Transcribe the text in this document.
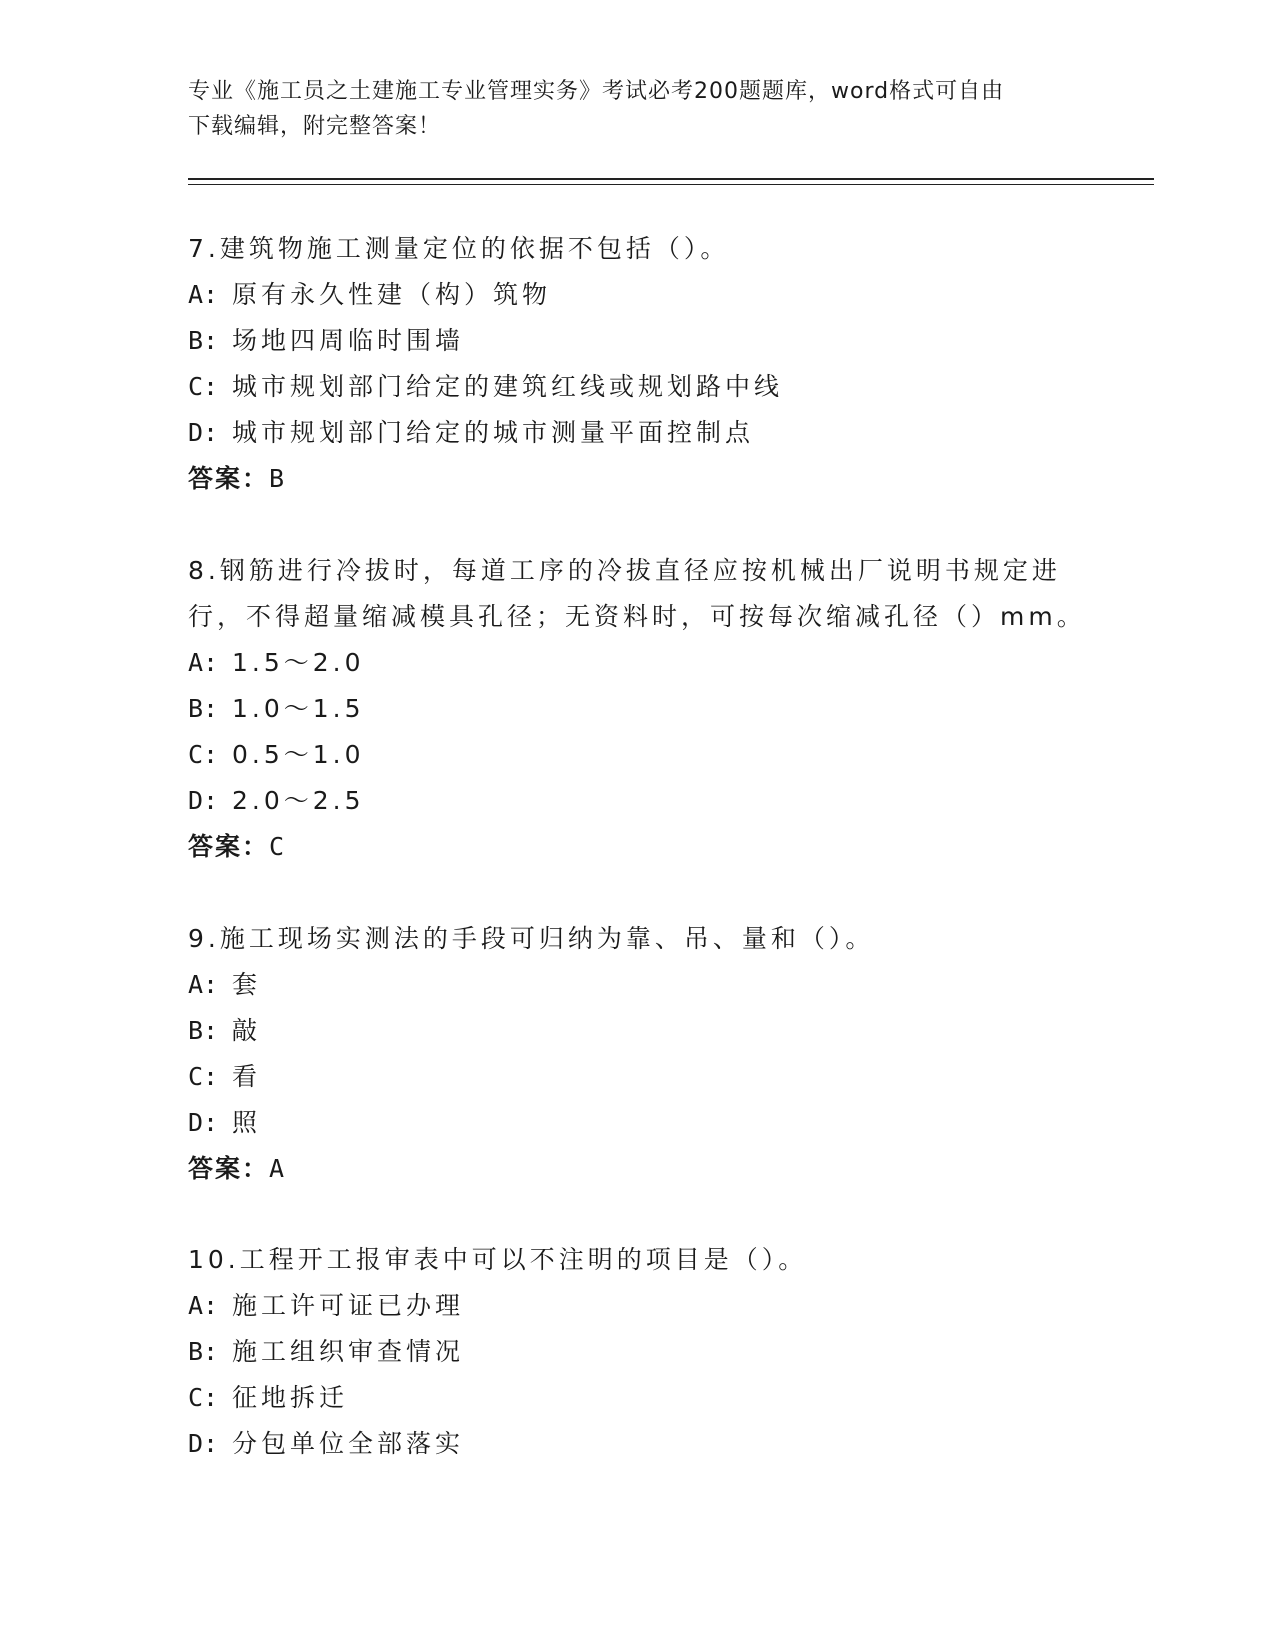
专业《施工员之土建施工专业管理实务》考试必考200题题库，word格式可自由
下载编辑，附完整答案！

7.建筑物施工测量定位的依据不包括（）。

A: 原有永久性建（构）筑物

B: 场地四周临时围墙

C: 城市规划部门给定的建筑红线或规划路中线

D: 城市规划部门给定的城市测量平面控制点

答案：B

8.钢筋进行冷拔时，每道工序的冷拔直径应按机械出厂说明书规定进

行，不得超量缩减模具孔径；无资料时，可按每次缩减孔径（）mm。

A: 1.5～2.0

B: 1.0～1.5

C: 0.5～1.0

D: 2.0～2.5

答案：C

9.施工现场实测法的手段可归纳为靠、吊、量和（）。

A: 套

B: 敲

C: 看

D: 照

答案：A

10.工程开工报审表中可以不注明的项目是（）。

A: 施工许可证已办理

B: 施工组织审查情况

C: 征地拆迁

D: 分包单位全部落实
